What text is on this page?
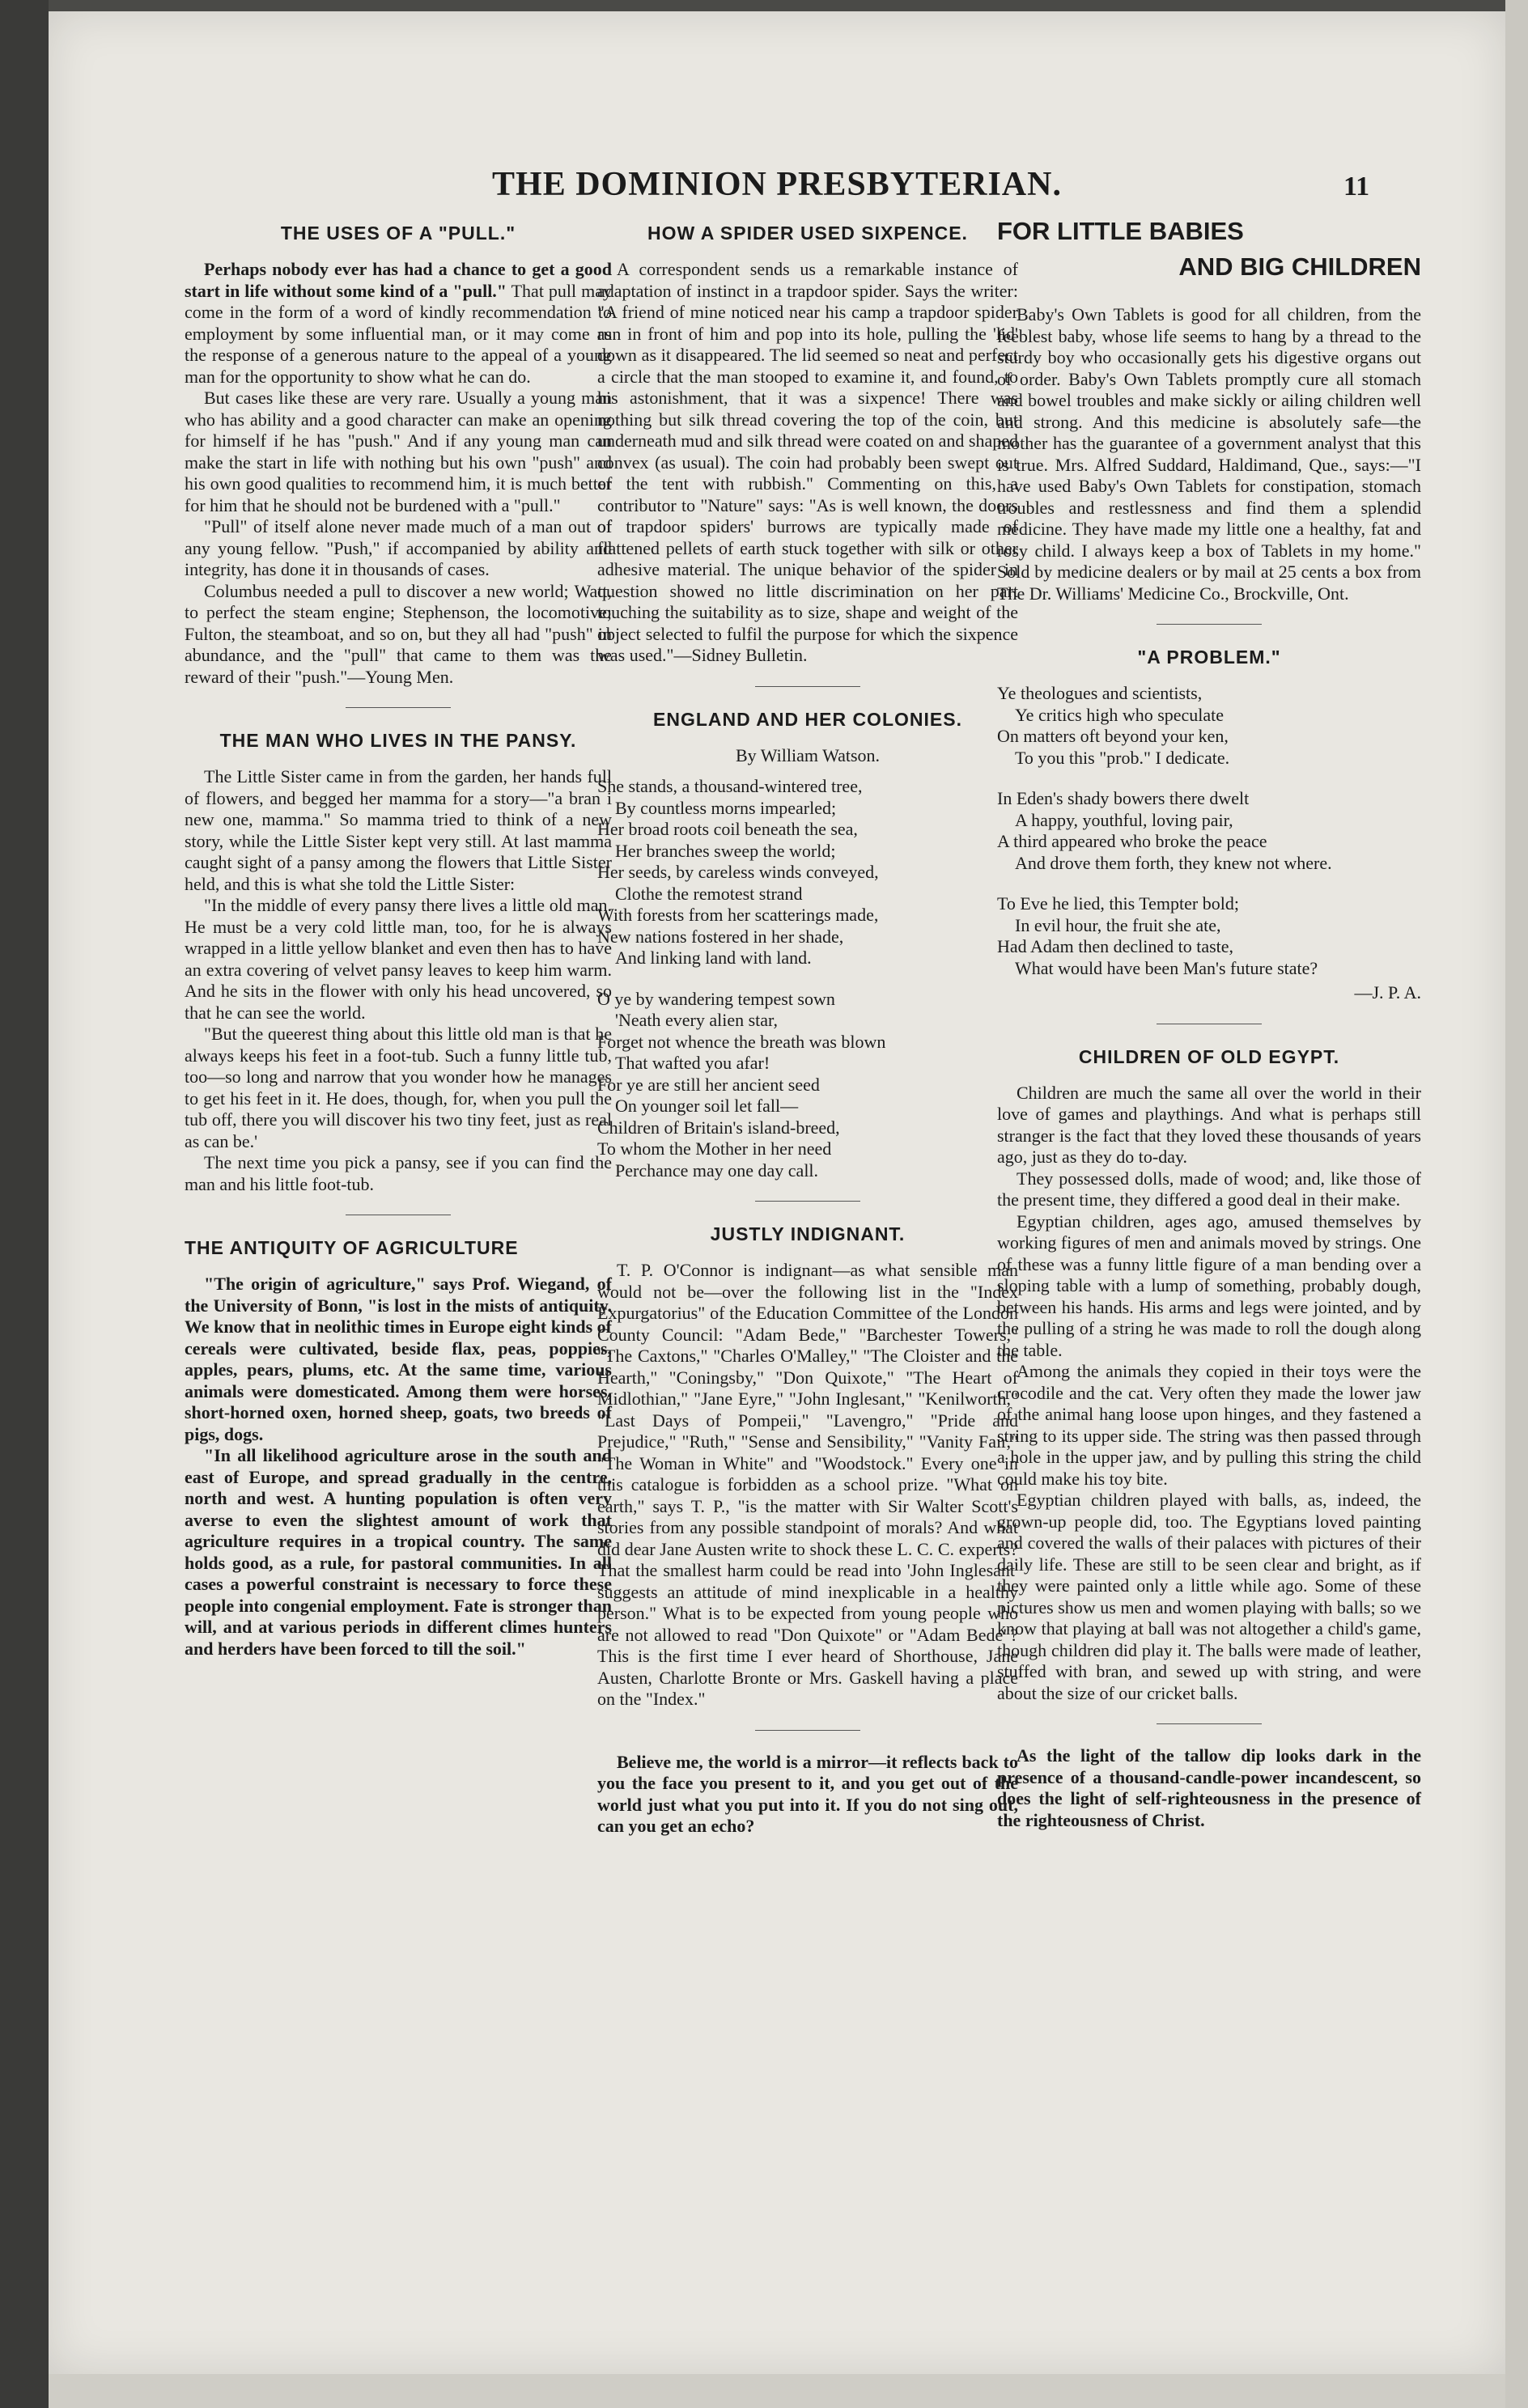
THE DOMINION PRESBYTERIAN.	11
THE USES OF A "PULL."

Perhaps nobody ever has had a chance to get a good start in life without some kind of a "pull." That pull may come in the form of a word of kindly recommendation to employment by some influential man, or it may come as the response of a generous nature to the appeal of a young man for the opportunity to show what he can do.

But cases like these are very rare. Usually a young man who has ability and a good character can make an opening for himself if he has "push." And if any young man can make the start in life with nothing but his own "push" and his own good qualities to recommend him, it is much better for him that he should not be burdened with a "pull."

"Pull" of itself alone never made much of a man out of any young fellow. "Push," if accompanied by ability and integrity, has done it in thousands of cases.

Columbus needed a pull to discover a new world; Watt, to perfect the steam engine; Stephenson, the locomotive; Fulton, the steamboat, and so on, but they all had "push" in abundance, and the "pull" that came to them was the reward of their "push."—Young Men.

THE MAN WHO LIVES IN THE PANSY.

The Little Sister came in from the garden, her hands full of flowers, and begged her mamma for a story—"a bran i new one, mamma." So mamma tried to think of a new story, while the Little Sister kept very still. At last mamma caught sight of a pansy among the flowers that Little Sister held, and this is what she told the Little Sister:

"In the middle of every pansy there lives a little old man. He must be a very cold little man, too, for he is always wrapped in a little yellow blanket and even then has to have an extra covering of velvet pansy leaves to keep him warm. And he sits in the flower with only his head uncovered, so that he can see the world.

"But the queerest thing about this little old man is that he always keeps his feet in a foot-tub. Such a funny little tub, too—so long and narrow that you wonder how he manages to get his feet in it. He does, though, for, when you pull the tub off, there you will discover his two tiny feet, just as real as can be.'

The next time you pick a pansy, see if you can find the man and his little foot-tub.

THE ANTIQUITY OF AGRICULTURE

"The origin of agriculture," says Prof. Wiegand, of the University of Bonn, "is lost in the mists of antiquity. We know that in neolithic times in Europe eight kinds of cereals were cultivated, beside flax, peas, poppies, apples, pears, plums, etc. At the same time, various animals were domesticated. Among them were horses, short-horned oxen, horned sheep, goats, two breeds of pigs, dogs.

"In all likelihood agriculture arose in the south and east of Europe, and spread gradually in the centre, north and west. A hunting population is often very averse to even the slightest amount of work that agriculture requires in a tropical country. The same holds good, as a rule, for pastoral communities. In all cases a powerful constraint is necessary to force these people into congenial employment. Fate is stronger than will, and at various periods in different climes hunters and herders have been forced to till the soil."

HOW A SPIDER USED SIXPENCE.

A correspondent sends us a remarkable instance of adaptation of instinct in a trapdoor spider. Says the writer: "A friend of mine noticed near his camp a trapdoor spider run in front of him and pop into its hole, pulling the 'lid' down as it disappeared. The lid seemed so neat and perfect a circle that the man stooped to examine it, and found, to his astonishment, that it was a sixpence! There was nothing but silk thread covering the top of the coin, but underneath mud and silk thread were coated on and shaped convex (as usual). The coin had probably been swept out of the tent with rubbish." Commenting on this, a contributor to "Nature" says: "As is well known, the doors of trapdoor spiders' burrows are typically made of flattened pellets of earth stuck together with silk or other adhesive material. The unique behavior of the spider in question showed no little discrimination on her part touching the suitability as to size, shape and weight of the object selected to fulfil the purpose for which the sixpence was used."—Sidney Bulletin.

ENGLAND AND HER COLONIES.
By William Watson.

She stands, a thousand-wintered tree,

By countless morns impearled;

Her broad roots coil beneath the sea,

Her branches sweep the world;

Her seeds, by careless winds conveyed,

Clothe the remotest strand

With forests from her scatterings made,

New nations fostered in her shade,

And linking land with land.

O ye by wandering tempest sown

'Neath every alien star,

Forget not whence the breath was blown

That wafted you afar!

For ye are still her ancient seed

On younger soil let fall—

Children of Britain's island-breed,

To whom the Mother in her need

Perchance may one day call.

JUSTLY INDIGNANT.

T. P. O'Connor is indignant—as what sensible man would not be—over the following list in the "Index Expurgatorius" of the Education Committee of the London County Council: "Adam Bede," "Barchester Towers," "The Caxtons," "Charles O'Malley," "The Cloister and the Hearth," "Coningsby," "Don Quixote," "The Heart of Midlothian," "Jane Eyre," "John Inglesant," "Kenilworth," "Last Days of Pompeii," "Lavengro," "Pride and Prejudice," "Ruth," "Sense and Sensibility," "Vanity Fair," "The Woman in White" and "Woodstock." Every one in this catalogue is forbidden as a school prize. "What on earth," says T. P., "is the matter with Sir Walter Scott's stories from any possible standpoint of morals? And what did dear Jane Austen write to shock these L. C. C. experts? That the smallest harm could be read into 'John Inglesant' suggests an attitude of mind inexplicable in a healthy person." What is to be expected from young people who are not allowed to read "Don Quixote" or "Adam Bede"? This is the first time I ever heard of Shorthouse, Jane Austen, Charlotte Bronte or Mrs. Gaskell having a place on the "Index."

Believe me, the world is a mirror—it reflects back to you the face you present to it, and you get out of the world just what you put into it. If you do not sing out, can you get an echo?

FOR LITTLE BABIES
AND BIG CHILDREN

Baby's Own Tablets is good for all children, from the feeblest baby, whose life seems to hang by a thread to the sturdy boy who occasionally gets his digestive organs out of order. Baby's Own Tablets promptly cure all stomach and bowel troubles and make sickly or ailing children well and strong. And this medicine is absolutely safe—the mother has the guarantee of a government analyst that this is true. Mrs. Alfred Suddard, Haldimand, Que., says:—"I have used Baby's Own Tablets for constipation, stomach troubles and restlessness and find them a splendid medicine. They have made my little one a healthy, fat and rosy child. I always keep a box of Tablets in my home." Sold by medicine dealers or by mail at 25 cents a box from The Dr. Williams' Medicine Co., Brockville, Ont.

"A PROBLEM."

Ye theologues and scientists,

Ye critics high who speculate

On matters oft beyond your ken,

To you this "prob." I dedicate.

In Eden's shady bowers there dwelt

A happy, youthful, loving pair,

A third appeared who broke the peace

And drove them forth, they knew not where.

To Eve he lied, this Tempter bold;

In evil hour, the fruit she ate,

Had Adam then declined to taste,

What would have been Man's future state?

—J. P. A.
CHILDREN OF OLD EGYPT.

Children are much the same all over the world in their love of games and playthings. And what is perhaps still stranger is the fact that they loved these thousands of years ago, just as they do to-day.

They possessed dolls, made of wood; and, like those of the present time, they differed a good deal in their make.

Egyptian children, ages ago, amused themselves by working figures of men and animals moved by strings. One of these was a funny little figure of a man bending over a sloping table with a lump of something, probably dough, between his hands. His arms and legs were jointed, and by the pulling of a string he was made to roll the dough along the table.

Among the animals they copied in their toys were the crocodile and the cat. Very often they made the lower jaw of the animal hang loose upon hinges, and they fastened a string to its upper side. The string was then passed through a hole in the upper jaw, and by pulling this string the child could make his toy bite.

Egyptian children played with balls, as, indeed, the grown-up people did, too. The Egyptians loved painting and covered the walls of their palaces with pictures of their daily life. These are still to be seen clear and bright, as if they were painted only a little while ago. Some of these pictures show us men and women playing with balls; so we know that playing at ball was not altogether a child's game, though children did play it. The balls were made of leather, stuffed with bran, and sewed up with string, and were about the size of our cricket balls.

As the light of the tallow dip looks dark in the presence of a thousand-candle-power incandescent, so does the light of self-righteousness in the presence of the righteousness of Christ.
